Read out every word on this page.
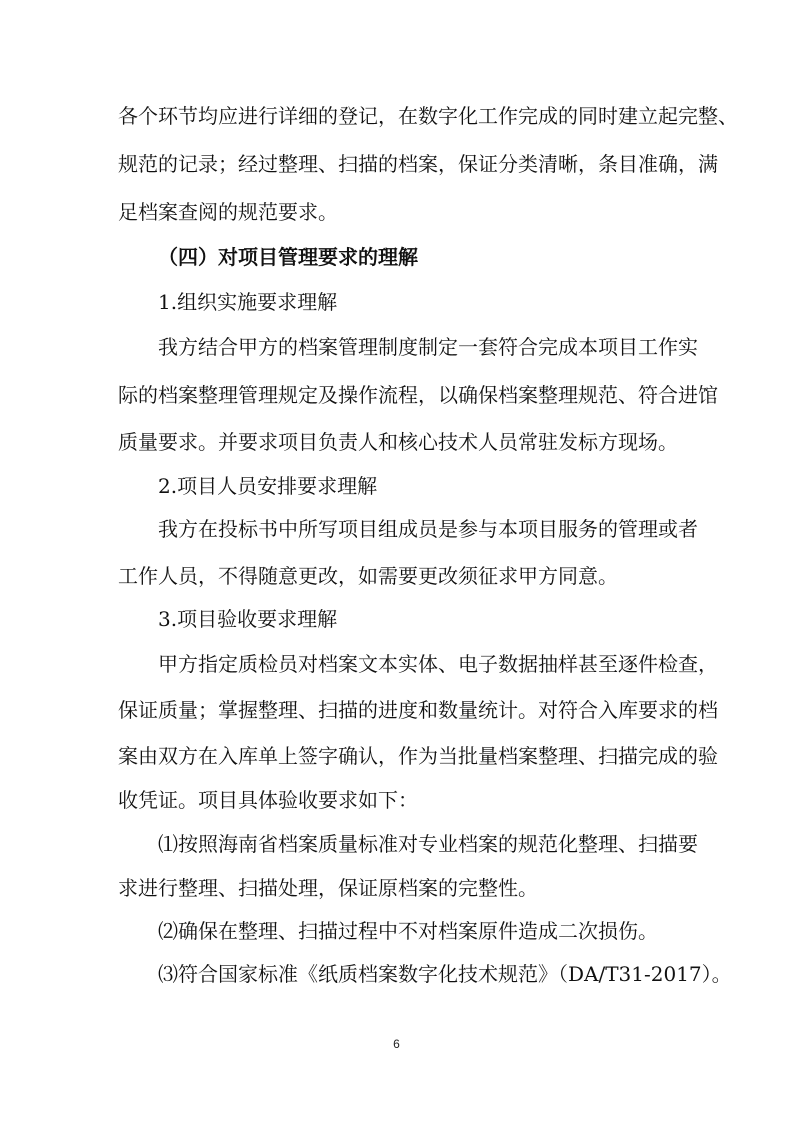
各个环节均应进行详细的登记，在数字化工作完成的同时建立起完整、
规范的记录；经过整理、扫描的档案，保证分类清晰，条目准确，满
足档案查阅的规范要求。
（四）对项目管理要求的理解
1.组织实施要求理解
我方结合甲方的档案管理制度制定一套符合完成本项目工作实
际的档案整理管理规定及操作流程，以确保档案整理规范、符合进馆
质量要求。并要求项目负责人和核心技术人员常驻发标方现场。
2.项目人员安排要求理解
我方在投标书中所写项目组成员是参与本项目服务的管理或者
工作人员，不得随意更改，如需要更改须征求甲方同意。
3.项目验收要求理解
甲方指定质检员对档案文本实体、电子数据抽样甚至逐件检查，
保证质量；掌握整理、扫描的进度和数量统计。对符合入库要求的档
案由双方在入库单上签字确认，作为当批量档案整理、扫描完成的验
收凭证。项目具体验收要求如下：
⑴按照海南省档案质量标准对专业档案的规范化整理、扫描要
求进行整理、扫描处理，保证原档案的完整性。
⑵确保在整理、扫描过程中不对档案原件造成二次损伤。
⑶符合国家标准《纸质档案数字化技术规范》（DA/T31-2017）。
6
